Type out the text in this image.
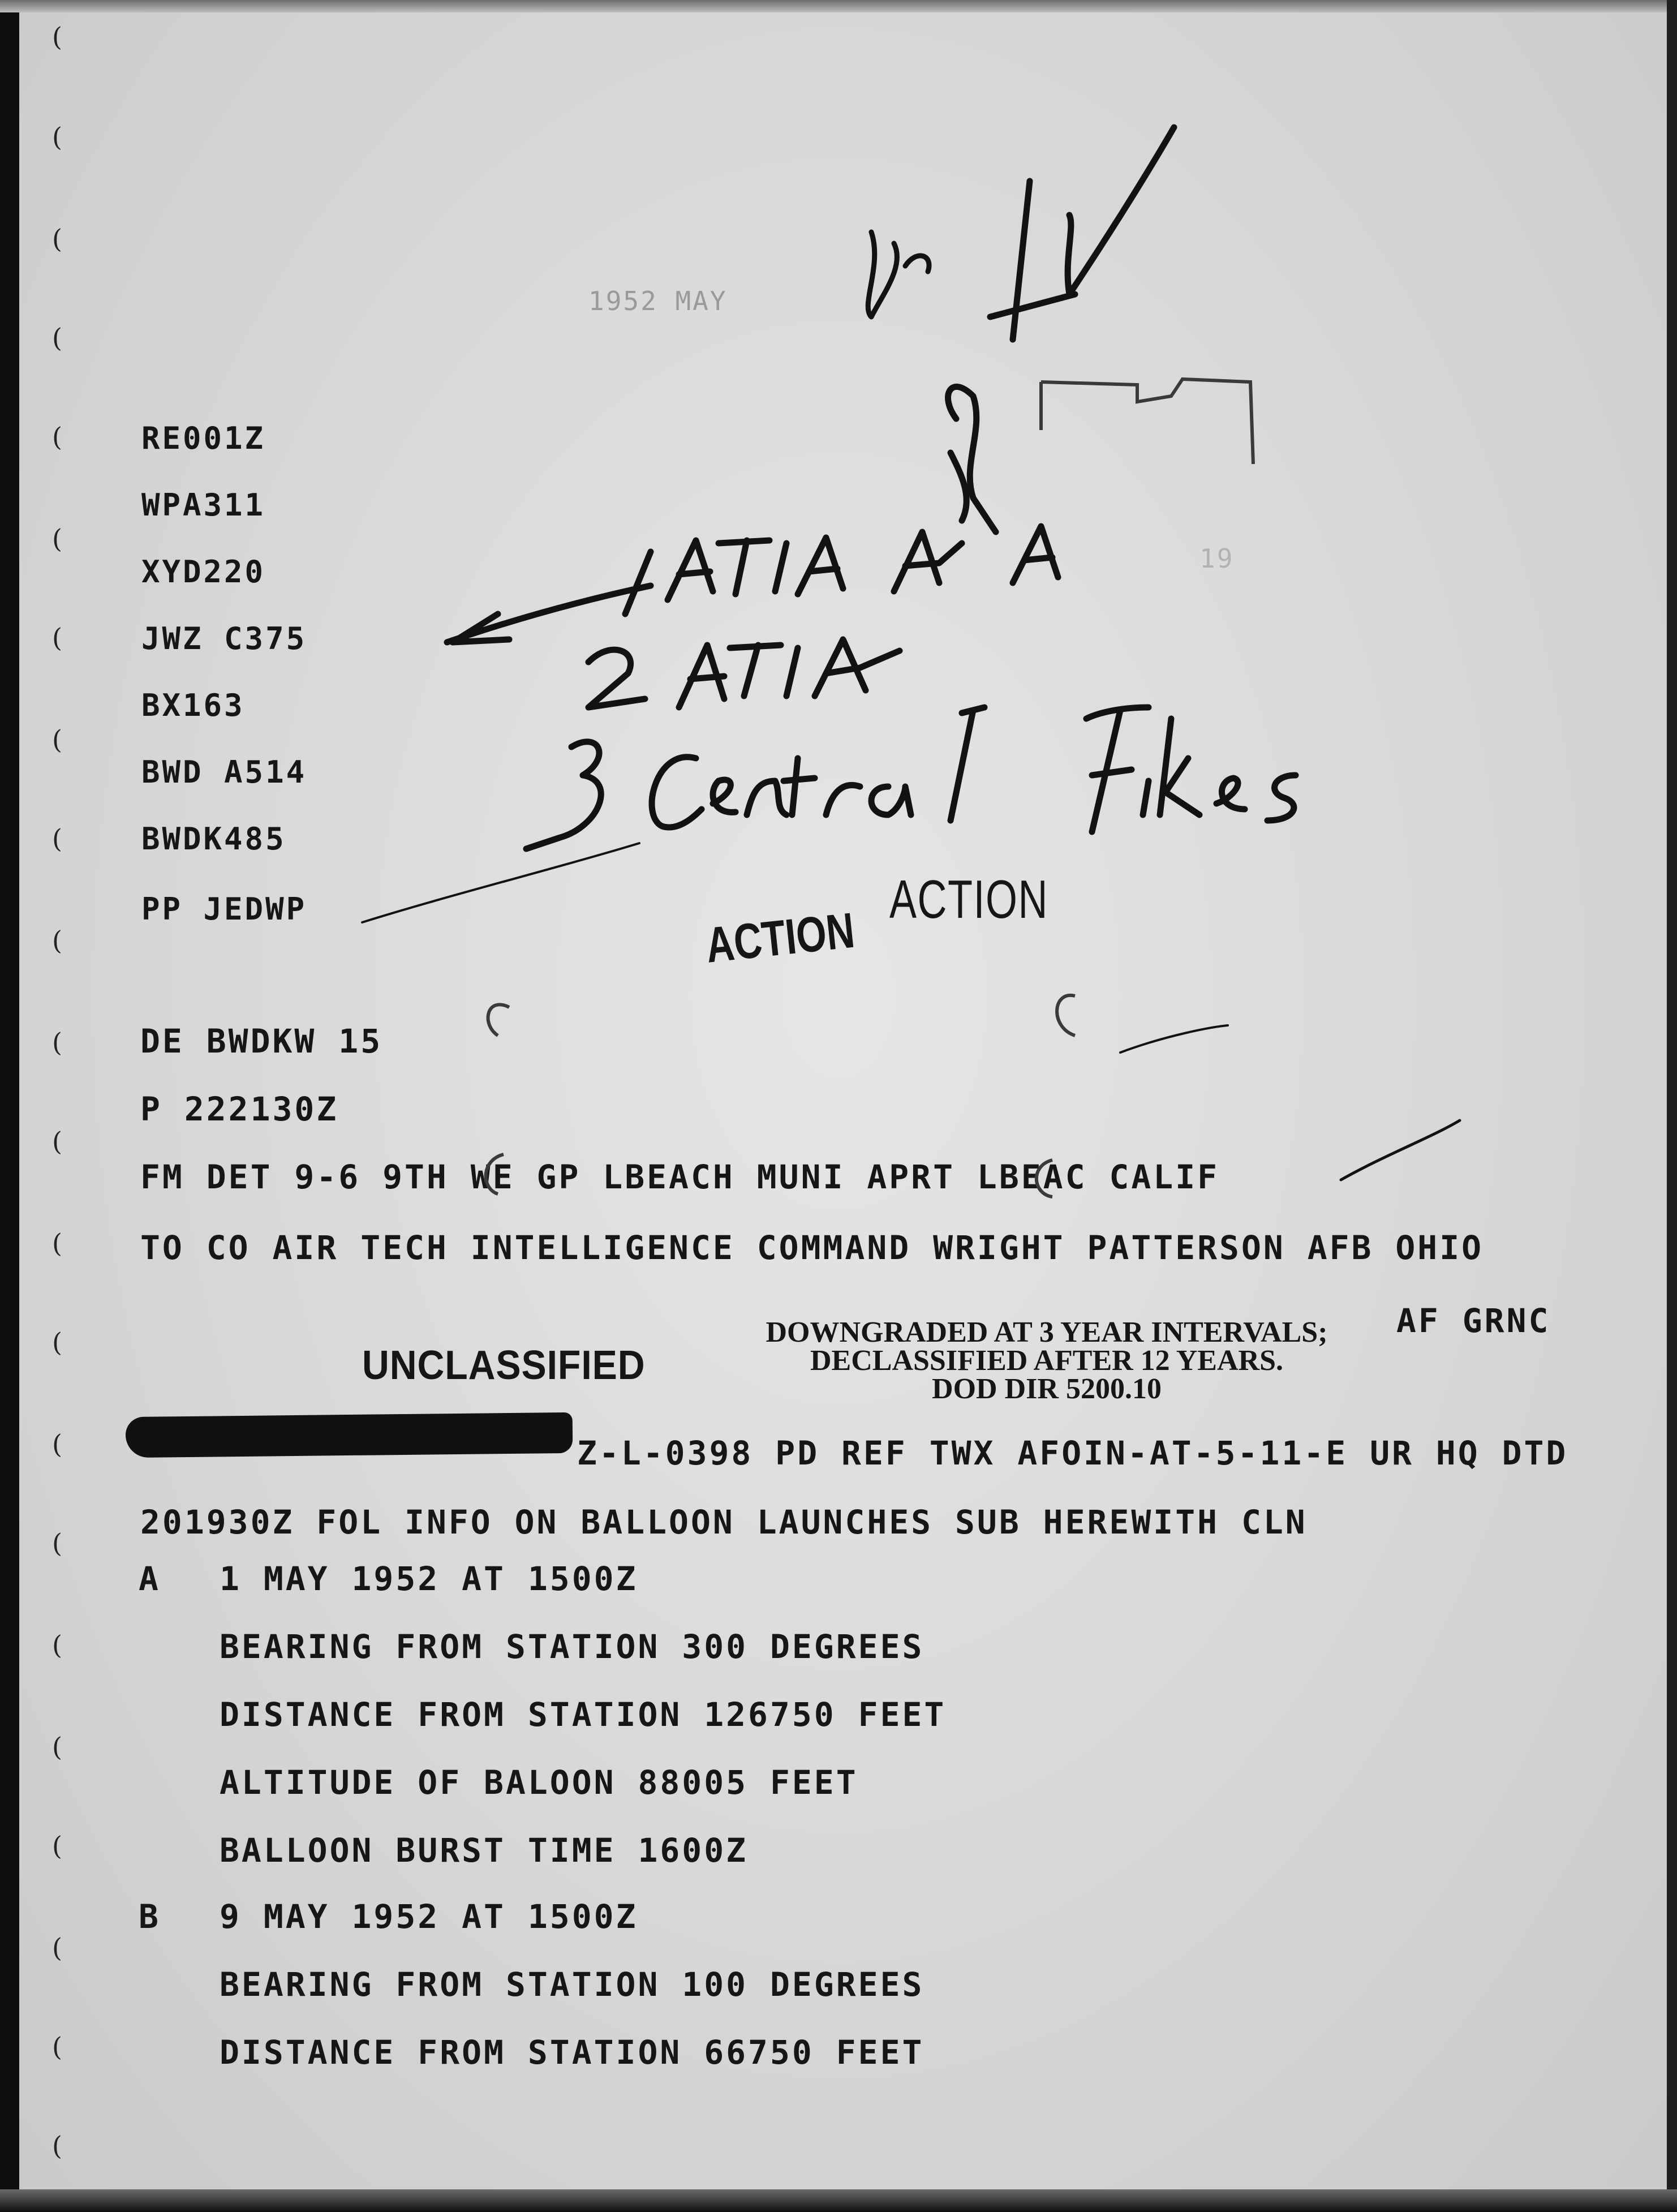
(
(
(
(
(
(
(
(
(
(
(
(
(
(
(
(
(
(
(
(
(
(
1952 MAY
19
RE001Z
WPA311
XYD220
JWZ C375
BX163
BWD A514
BWDK485
PP JEDWP	ACTION
ACTION
DE BWDKW 15
P 222130Z
FM DET 9-6 9TH WE GP LBEACH MUNI APRT LBEAC CALIF
TO CO AIR TECH INTELLIGENCE COMMAND WRIGHT PATTERSON AFB OHIO
AF GRNC
DOWNGRADED AT 3 YEAR INTERVALS;
DECLASSIFIED AFTER 12 YEARS.
DOD DIR 5200.10
UNCLASSIFIED
Z-L-0398 PD REF TWX AFOIN-AT-5-11-E UR HQ DTD
201930Z FOL INFO ON BALLOON LAUNCHES SUB HEREWITH CLN
A 1 MAY 1952 AT 1500Z
BEARING FROM STATION 300 DEGREES
DISTANCE FROM STATION 126750 FEET
ALTITUDE OF BALOON 88005 FEET
BALLOON BURST TIME 1600Z
B 9 MAY 1952 AT 1500Z
BEARING FROM STATION 100 DEGREES
DISTANCE FROM STATION 66750 FEET
